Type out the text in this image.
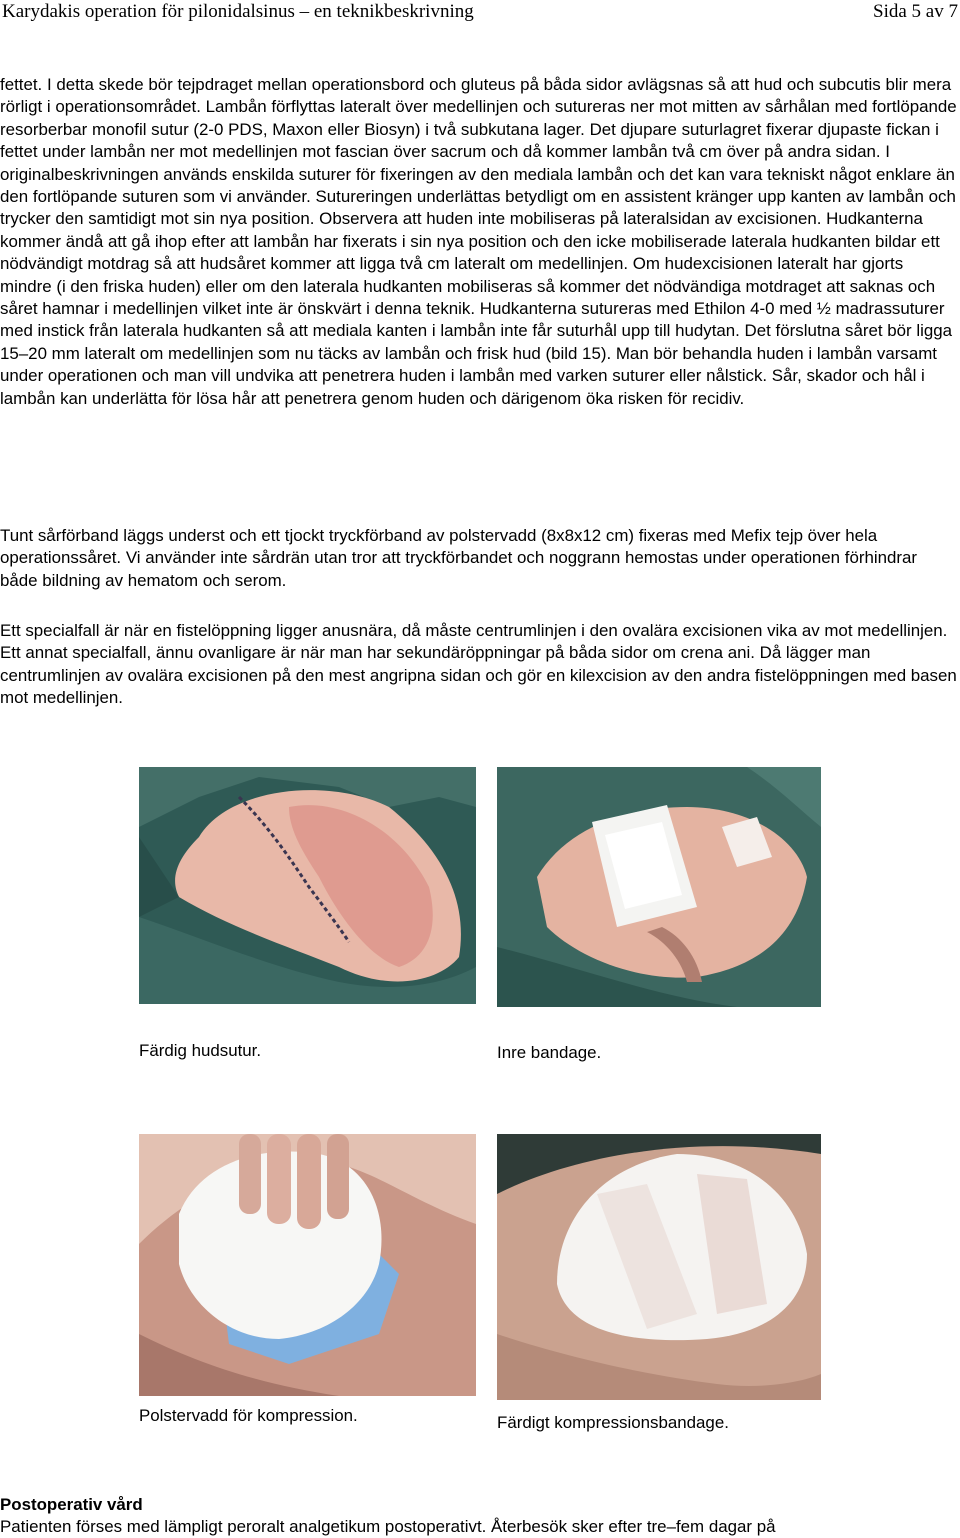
Karydakis operation för pilonidalsinus – en teknikbeskrivning	Sida 5 av 7

fettet. I detta skede bör tejpdraget mellan operationsbord och gluteus på båda sidor avlägsnas så att hud och subcutis blir mera rörligt i operationsområdet. Lambån förflyttas lateralt över medellinjen och sutureras ner mot mitten av sårhålan med fortlöpande resorberbar monofil sutur (2-0 PDS, Maxon eller Biosyn) i två subkutana lager. Det djupare suturlagret fixerar djupaste fickan i fettet under lambån ner mot medellinjen mot fascian över sacrum och då kommer lambån två cm över på andra sidan. I originalbeskrivningen används enskilda suturer för fixeringen av den mediala lambån och det kan vara tekniskt något enklare än den fortlöpande suturen som vi använder. Sutureringen underlättas betydligt om en assistent kränger upp kanten av lambån och trycker den samtidigt mot sin nya position. Observera att huden inte mobiliseras på lateralsidan av excisionen. Hudkanterna kommer ändå att gå ihop efter att lambån har fixerats i sin nya position och den icke mobiliserade laterala hudkanten bildar ett nödvändigt motdrag så att hudsåret kommer att ligga två cm lateralt om medellinjen. Om hudexcisionen lateralt har gjorts mindre (i den friska huden) eller om den laterala hudkanten mobiliseras så kommer det nödvändiga motdraget att saknas och såret hamnar i medellinjen vilket inte är önskvärt i denna teknik. Hudkanterna sutureras med Ethilon 4-0 med ½ madrassuturer med instick från laterala hudkanten så att mediala kanten i lambån inte får suturhål upp till hudytan. Det förslutna såret bör ligga 15–20 mm lateralt om medellinjen som nu täcks av lambån och frisk hud (bild 15). Man bör behandla huden i lambån varsamt under operationen och man vill undvika att penetrera huden i lambån med varken suturer eller nålstick. Sår, skador och hål i lambån kan underlätta för lösa hår att penetrera genom huden och därigenom öka risken för recidiv.

Tunt sårförband läggs underst och ett tjockt tryckförband av polstervadd (8x8x12 cm) fixeras med Mefix tejp över hela operationssåret. Vi använder inte sårdrän utan tror att tryckförbandet och noggrann hemostas under operationen förhindrar både bildning av hematom och serom.

Ett specialfall är när en fistelöppning ligger anusnära, då måste centrumlinjen i den ovalära excisionen vika av mot medellinjen. Ett annat specialfall, ännu ovanligare är när man har sekundäröppningar på båda sidor om crena ani. Då lägger man centrumlinjen av ovalära excisionen på den mest angripna sidan och gör en kilexcision av den andra fistelöppningen med basen mot medellinjen.

Färdig hudsutur.	Inre bandage.
Polstervadd för kompression.	Färdigt kompressionsbandage.
Postoperativ vård

Patienten förses med lämpligt peroralt analgetikum postoperativt. Återbesök sker efter tre–fem dagar på
